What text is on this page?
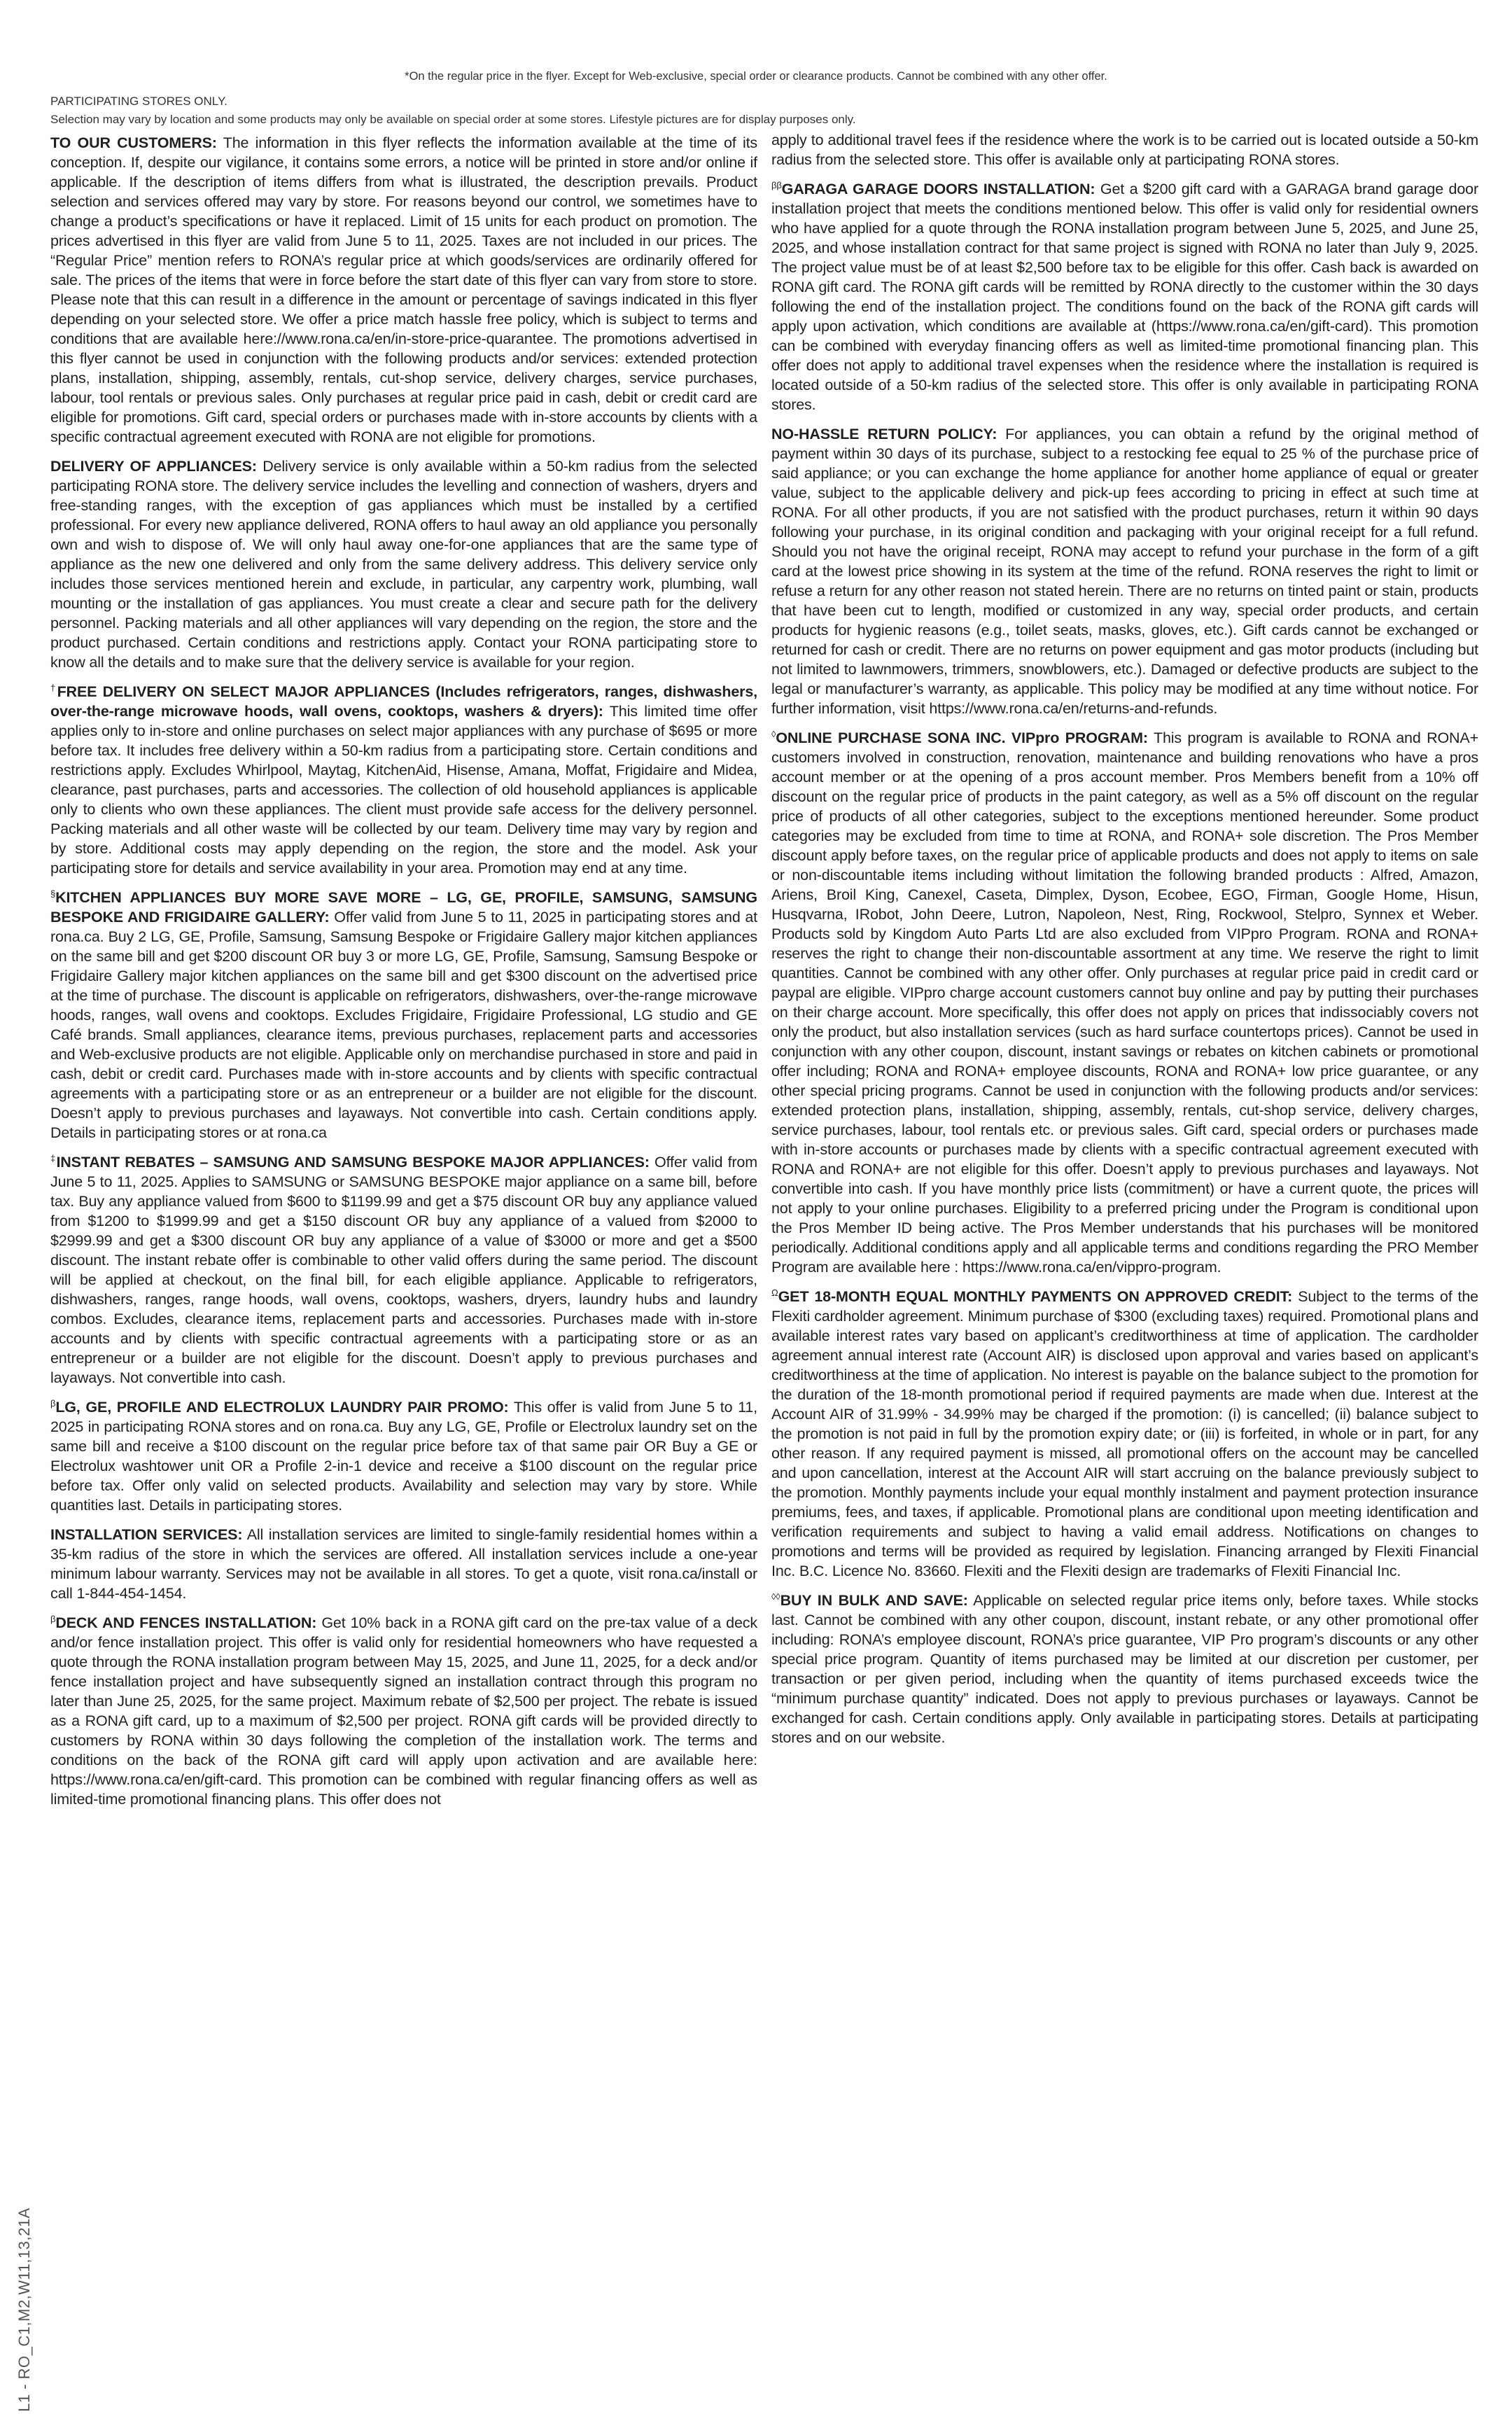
*On the regular price in the flyer. Except for Web-exclusive, special order or clearance products. Cannot be combined with any other offer.
PARTICIPATING STORES ONLY.
Selection may vary by location and some products may only be available on special order at some stores. Lifestyle pictures are for display purposes only.

TO OUR CUSTOMERS: The information in this flyer reflects the information available at the time of its conception. If, despite our vigilance, it contains some errors, a notice will be printed in store and/or online if applicable. If the description of items differs from what is illustrated, the description prevails. Product selection and services offered may vary by store. For reasons beyond our control, we sometimes have to change a product’s specifications or have it replaced. Limit of 15 units for each product on promotion. The prices advertised in this flyer are valid from June 5 to 11, 2025. Taxes are not included in our prices. The “Regular Price” mention refers to RONA’s regular price at which goods/services are ordinarily offered for sale. The prices of the items that were in force before the start date of this flyer can vary from store to store. Please note that this can result in a difference in the amount or percentage of savings indicated in this flyer depending on your selected store. We offer a price match hassle free policy, which is subject to terms and conditions that are available here://www.rona.ca/en/in-store-price-quarantee. The promotions advertised in this flyer cannot be used in conjunction with the following products and/or services: extended protection plans, installation, shipping, assembly, rentals, cut-shop service, delivery charges, service purchases, labour, tool rentals or previous sales. Only purchases at regular price paid in cash, debit or credit card are eligible for promotions. Gift card, special orders or purchases made with in-store accounts by clients with a specific contractual agreement executed with RONA are not eligible for promotions.

DELIVERY OF APPLIANCES: Delivery service is only available within a 50-km radius from the selected participating RONA store. The delivery service includes the levelling and connection of washers, dryers and free-standing ranges, with the exception of gas appliances which must be installed by a certified professional. For every new appliance delivered, RONA offers to haul away an old appliance you personally own and wish to dispose of. We will only haul away one-for-one appliances that are the same type of appliance as the new one delivered and only from the same delivery address. This delivery service only includes those services mentioned herein and exclude, in particular, any carpentry work, plumbing, wall mounting or the installation of gas appliances. You must create a clear and secure path for the delivery personnel. Packing materials and all other appliances will vary depending on the region, the store and the product purchased. Certain conditions and restrictions apply. Contact your RONA participating store to know all the details and to make sure that the delivery service is available for your region.

†FREE DELIVERY ON SELECT MAJOR APPLIANCES (Includes refrigerators, ranges, dishwashers, over-the-range microwave hoods, wall ovens, cooktops, washers & dryers): This limited time offer applies only to in-store and online purchases on select major appliances with any purchase of $695 or more before tax. It includes free delivery within a 50-km radius from a participating store. Certain conditions and restrictions apply. Excludes Whirlpool, Maytag, KitchenAid, Hisense, Amana, Moffat, Frigidaire and Midea, clearance, past purchases, parts and accessories. The collection of old household appliances is applicable only to clients who own these appliances. The client must provide safe access for the delivery personnel. Packing materials and all other waste will be collected by our team. Delivery time may vary by region and by store. Additional costs may apply depending on the region, the store and the model. Ask your participating store for details and service availability in your area. Promotion may end at any time.

§KITCHEN APPLIANCES BUY MORE SAVE MORE – LG, GE, PROFILE, SAMSUNG, SAMSUNG BESPOKE AND FRIGIDAIRE GALLERY: Offer valid from June 5 to 11, 2025 in participating stores and at rona.ca. Buy 2 LG, GE, Profile, Samsung, Samsung Bespoke or Frigidaire Gallery major kitchen appliances on the same bill and get $200 discount OR buy 3 or more LG, GE, Profile, Samsung, Samsung Bespoke or Frigidaire Gallery major kitchen appliances on the same bill and get $300 discount on the advertised price at the time of purchase. The discount is applicable on refrigerators, dishwashers, over-the-range microwave hoods, ranges, wall ovens and cooktops. Excludes Frigidaire, Frigidaire Professional, LG studio and GE Café brands. Small appliances, clearance items, previous purchases, replacement parts and accessories and Web-exclusive products are not eligible. Applicable only on merchandise purchased in store and paid in cash, debit or credit card. Purchases made with in-store accounts and by clients with specific contractual agreements with a participating store or as an entrepreneur or a builder are not eligible for the discount. Doesn’t apply to previous purchases and layaways. Not convertible into cash. Certain conditions apply. Details in participating stores or at rona.ca

‡INSTANT REBATES – SAMSUNG AND SAMSUNG BESPOKE MAJOR APPLIANCES: Offer valid from June 5 to 11, 2025. Applies to SAMSUNG or SAMSUNG BESPOKE major appliance on a same bill, before tax. Buy any appliance valued from $600 to $1199.99 and get a $75 discount OR buy any appliance valued from $1200 to $1999.99 and get a $150 discount OR buy any appliance of a valued from $2000 to $2999.99 and get a $300 discount OR buy any appliance of a value of $3000 or more and get a $500 discount. The instant rebate offer is combinable to other valid offers during the same period. The discount will be applied at checkout, on the final bill, for each eligible appliance. Applicable to refrigerators, dishwashers, ranges, range hoods, wall ovens, cooktops, washers, dryers, laundry hubs and laundry combos. Excludes, clearance items, replacement parts and accessories. Purchases made with in-store accounts and by clients with specific contractual agreements with a participating store or as an entrepreneur or a builder are not eligible for the discount. Doesn’t apply to previous purchases and layaways. Not convertible into cash.

$^\beta$LG, GE, PROFILE AND ELECTROLUX LAUNDRY PAIR PROMO: This offer is valid from June 5 to 11, 2025 in participating RONA stores and on rona.ca. Buy any LG, GE, Profile or Electrolux laundry set on the same bill and receive a $100 discount on the regular price before tax of that same pair OR Buy a GE or Electrolux washtower unit OR a Profile 2-in-1 device and receive a $100 discount on the regular price before tax. Offer only valid on selected products. Availability and selection may vary by store. While quantities last. Details in participating stores.

INSTALLATION SERVICES: All installation services are limited to single-family residential homes within a 35-km radius of the store in which the services are offered. All installation services include a one-year minimum labour warranty. Services may not be available in all stores. To get a quote, visit rona.ca/install or call 1-844-454-1454.

$^\beta$DECK AND FENCES INSTALLATION: Get 10% back in a RONA gift card on the pre-tax value of a deck and/or fence installation project. This offer is valid only for residential homeowners who have requested a quote through the RONA installation program between May 15, 2025, and June 11, 2025, for a deck and/or fence installation project and have subsequently signed an installation contract through this program no later than June 25, 2025, for the same project. Maximum rebate of $2,500 per project. The rebate is issued as a RONA gift card, up to a maximum of $2,500 per project. RONA gift cards will be provided directly to customers by RONA within 30 days following the completion of the installation work. The terms and conditions on the back of the RONA gift card will apply upon activation and are available here: https://www.rona.ca/en/gift-card. This promotion can be combined with regular financing offers as well as limited-time promotional financing plans. This offer does not

apply to additional travel fees if the residence where the work is to be carried out is located outside a 50-km radius from the selected store. This offer is available only at participating RONA stores.

$^{\beta\beta}$GARAGA GARAGE DOORS INSTALLATION: Get a $200 gift card with a GARAGA brand garage door installation project that meets the conditions mentioned below. This offer is valid only for residential owners who have applied for a quote through the RONA installation program between June 5, 2025, and June 25, 2025, and whose installation contract for that same project is signed with RONA no later than July 9, 2025. The project value must be of at least $2,500 before tax to be eligible for this offer. Cash back is awarded on RONA gift card. The RONA gift cards will be remitted by RONA directly to the customer within the 30 days following the end of the installation project. The conditions found on the back of the RONA gift cards will apply upon activation, which conditions are available at (https://www.rona.ca/en/gift-card). This promotion can be combined with everyday financing offers as well as limited-time promotional financing plan. This offer does not apply to additional travel expenses when the residence where the installation is required is located outside of a 50-km radius of the selected store. This offer is only available in participating RONA stores.

NO-HASSLE RETURN POLICY: For appliances, you can obtain a refund by the original method of payment within 30 days of its purchase, subject to a restocking fee equal to 25 % of the purchase price of said appliance; or you can exchange the home appliance for another home appliance of equal or greater value, subject to the applicable delivery and pick-up fees according to pricing in effect at such time at RONA. For all other products, if you are not satisfied with the product purchases, return it within 90 days following your purchase, in its original condition and packaging with your original receipt for a full refund. Should you not have the original receipt, RONA may accept to refund your purchase in the form of a gift card at the lowest price showing in its system at the time of the refund. RONA reserves the right to limit or refuse a return for any other reason not stated herein. There are no returns on tinted paint or stain, products that have been cut to length, modified or customized in any way, special order products, and certain products for hygienic reasons (e.g., toilet seats, masks, gloves, etc.). Gift cards cannot be exchanged or returned for cash or credit. There are no returns on power equipment and gas motor products (including but not limited to lawnmowers, trimmers, snowblowers, etc.). Damaged or defective products are subject to the legal or manufacturer’s warranty, as applicable. This policy may be modified at any time without notice. For further information, visit https://www.rona.ca/en/returns-and-refunds.

◊ONLINE PURCHASE SONA INC. VIPpro PROGRAM: This program is available to RONA and RONA+ customers involved in construction, renovation, maintenance and building renovations who have a pros account member or at the opening of a pros account member. Pros Members benefit from a 10% off discount on the regular price of products in the paint category, as well as a 5% off discount on the regular price of products of all other categories, subject to the exceptions mentioned hereunder. Some product categories may be excluded from time to time at RONA, and RONA+ sole discretion. The Pros Member discount apply before taxes, on the regular price of applicable products and does not apply to items on sale or non-discountable items including without limitation the following branded products : Alfred, Amazon, Ariens, Broil King, Canexel, Caseta, Dimplex, Dyson, Ecobee, EGO, Firman, Google Home, Hisun, Husqvarna, IRobot, John Deere, Lutron, Napoleon, Nest, Ring, Rockwool, Stelpro, Synnex et Weber. Products sold by Kingdom Auto Parts Ltd are also excluded from VIPpro Program. RONA and RONA+ reserves the right to change their non-discountable assortment at any time. We reserve the right to limit quantities. Cannot be combined with any other offer. Only purchases at regular price paid in credit card or paypal are eligible. VIPpro charge account customers cannot buy online and pay by putting their purchases on their charge account. More specifically, this offer does not apply on prices that indissociably covers not only the product, but also installation services (such as hard surface countertops prices). Cannot be used in conjunction with any other coupon, discount, instant savings or rebates on kitchen cabinets or promotional offer including; RONA and RONA+ employee discounts, RONA and RONA+ low price guarantee, or any other special pricing programs. Cannot be used in conjunction with the following products and/or services: extended protection plans, installation, shipping, assembly, rentals, cut-shop service, delivery charges, service purchases, labour, tool rentals etc. or previous sales. Gift card, special orders or purchases made with in-store accounts or purchases made by clients with a specific contractual agreement executed with RONA and RONA+ are not eligible for this offer. Doesn’t apply to previous purchases and layaways. Not convertible into cash. If you have monthly price lists (commitment) or have a current quote, the prices will not apply to your online purchases. Eligibility to a preferred pricing under the Program is conditional upon the Pros Member ID being active. The Pros Member understands that his purchases will be monitored periodically. Additional conditions apply and all applicable terms and conditions regarding the PRO Member Program are available here : https://www.rona.ca/en/vippro-program.

$^\Omega$GET 18-MONTH EQUAL MONTHLY PAYMENTS ON APPROVED CREDIT: Subject to the terms of the Flexiti cardholder agreement. Minimum purchase of $300 (excluding taxes) required. Promotional plans and available interest rates vary based on applicant’s creditworthiness at time of application. The cardholder agreement annual interest rate (Account AIR) is disclosed upon approval and varies based on applicant’s creditworthiness at the time of application. No interest is payable on the balance subject to the promotion for the duration of the 18-month promotional period if required payments are made when due. Interest at the Account AIR of 31.99% - 34.99% may be charged if the promotion: (i) is cancelled; (ii) balance subject to the promotion is not paid in full by the promotion expiry date; or (iii) is forfeited, in whole or in part, for any other reason. If any required payment is missed, all promotional offers on the account may be cancelled and upon cancellation, interest at the Account AIR will start accruing on the balance previously subject to the promotion. Monthly payments include your equal monthly instalment and payment protection insurance premiums, fees, and taxes, if applicable. Promotional plans are conditional upon meeting identification and verification requirements and subject to having a valid email address. Notifications on changes to promotions and terms will be provided as required by legislation. Financing arranged by Flexiti Financial Inc. B.C. Licence No. 83660. Flexiti and the Flexiti design are trademarks of Flexiti Financial Inc.

◊◊BUY IN BULK AND SAVE: Applicable on selected regular price items only, before taxes. While stocks last. Cannot be combined with any other coupon, discount, instant rebate, or any other promotional offer including: RONA’s employee discount, RONA’s price guarantee, VIP Pro program’s discounts or any other special price program. Quantity of items purchased may be limited at our discretion per customer, per transaction or per given period, including when the quantity of items purchased exceeds twice the “minimum purchase quantity” indicated. Does not apply to previous purchases or layaways. Cannot be exchanged for cash. Certain conditions apply. Only available in participating stores. Details at participating stores and on our website.

L1 - RO_C1,M2,W11,13,21A
